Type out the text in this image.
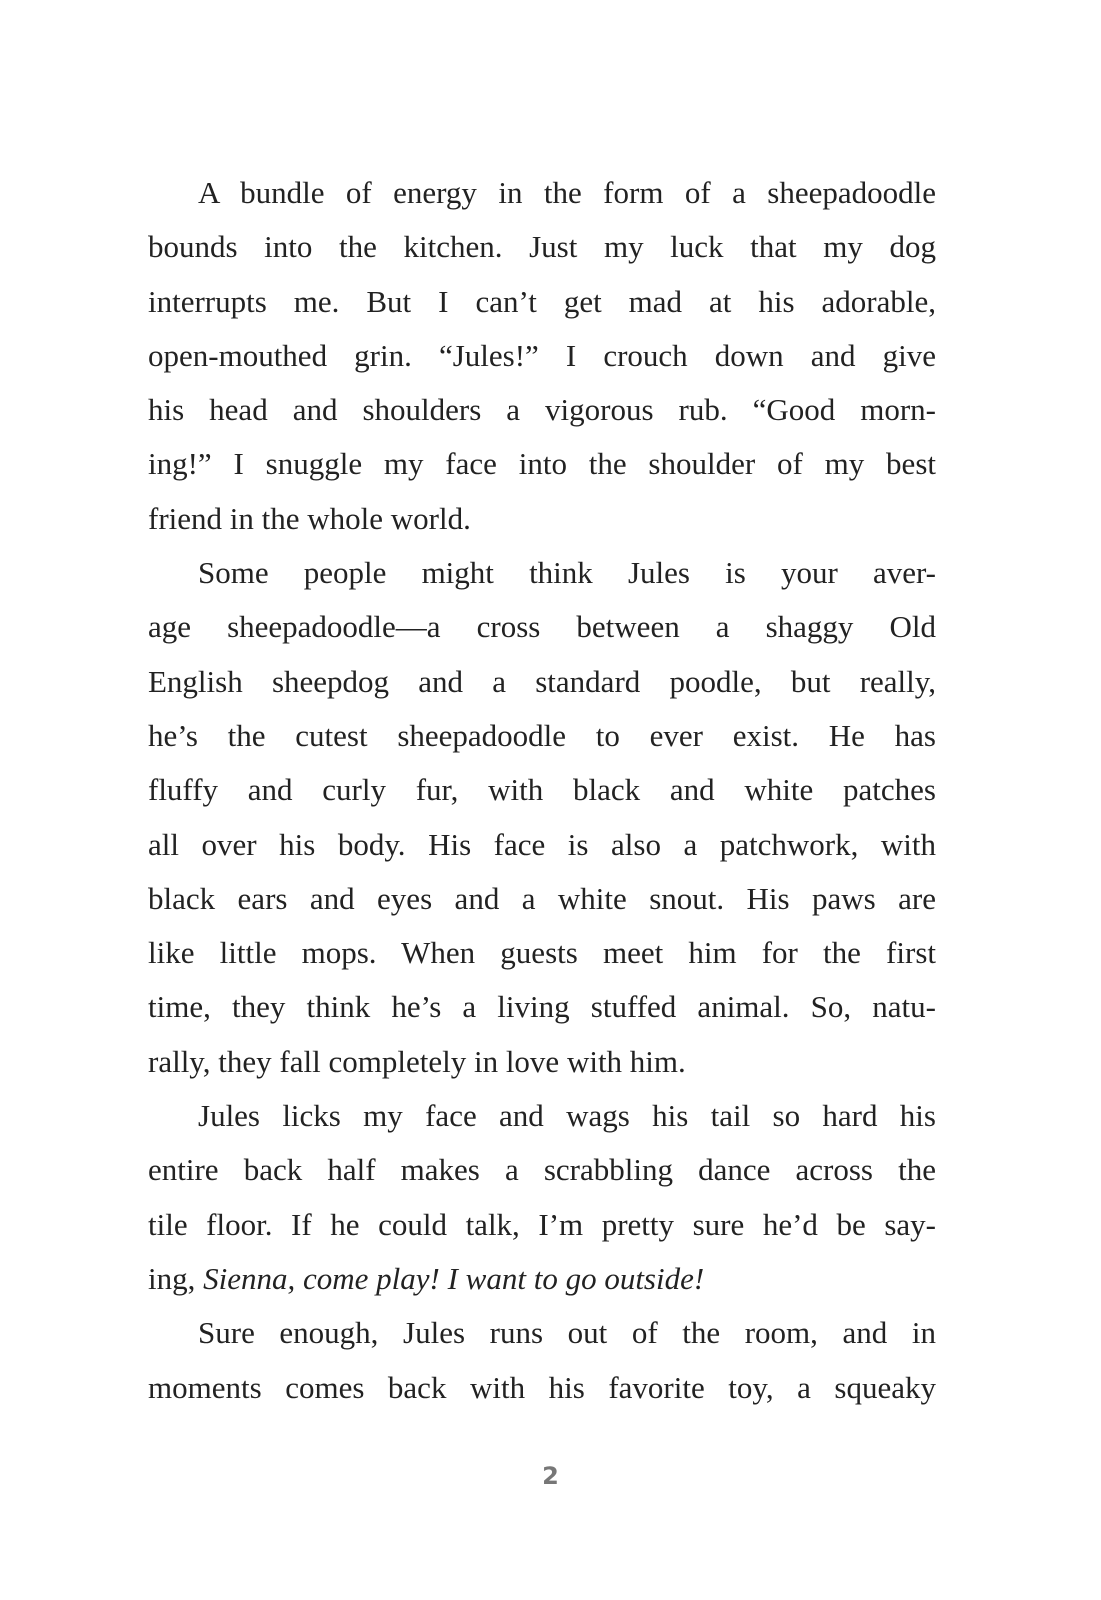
A bundle of energy in the form of a sheepadoodle
bounds into the kitchen. Just my luck that my dog
interrupts me. But I can’t get mad at his adorable,
open-mouthed grin. “Jules!” I crouch down and give
his head and shoulders a vigorous rub. “Good morn-
ing!” I snuggle my face into the shoulder of my best
friend in the whole world.
Some people might think Jules is your aver-
age sheepadoodle—a cross between a shaggy Old
English sheepdog and a standard poodle, but really,
he’s the cutest sheepadoodle to ever exist. He has
fluffy and curly fur, with black and white patches
all over his body. His face is also a patchwork, with
black ears and eyes and a white snout. His paws are
like little mops. When guests meet him for the first
time, they think he’s a living stuffed animal. So, natu-
rally, they fall completely in love with him.
Jules licks my face and wags his tail so hard his
entire back half makes a scrabbling dance across the
tile floor. If he could talk, I’m pretty sure he’d be say-
ing, Sienna, come play! I want to go outside!
Sure enough, Jules runs out of the room, and in
moments comes back with his favorite toy, a squeaky
2
